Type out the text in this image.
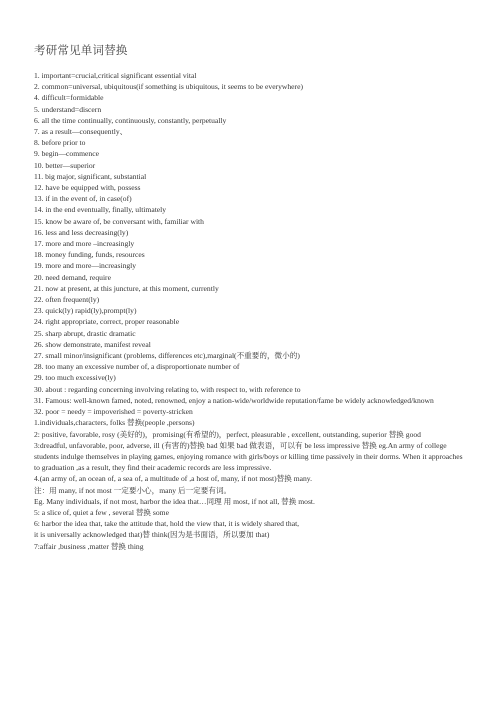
考研常见单词替换
1. important=crucial,critical significant essential vital
2. common=universal, ubiquitous(if something is ubiquitous, it seems to be everywhere)
4. difficult=formidable
5. understand=discern
6. all the time continually, continuously, constantly, perpetually
7. as a result—consequently、
8. before prior to
9. begin—commence
10. better—superior
11. big major, significant, substantial
12. have be equipped with, possess
13. if in the event of, in case(of)
14. in the end eventually, finally, ultimately
15. know be aware of, be conversant with, familiar with
16. less and less decreasing(ly)
17. more and more –increasingly
18. money funding, funds, resources
19. more and more—increasingly
20. need demand, require
21. now at present, at this juncture, at this moment, currently
22. often frequent(ly)
23. quick(ly) rapid(ly),prompt(ly)
24. right appropriate, correct, proper reasonable
25. sharp abrupt, drastic dramatic
26. show demonstrate, manifest reveal
27. small minor/insignificant (problems, differences etc),marginal(不重要的，微小的)
28. too many an excessive number of, a disproportionate number of
29. too much excessive(ly)
30. about : regarding concerning involving relating to, with respect to, with reference to
31. Famous: well-known famed, noted, renowned, enjoy a nation-wide/worldwide reputation/fame be widely acknowledged/known
32. poor = needy = impoverished = poverty-stricken
1.individuals,characters, folks 替换(people ,persons)
2: positive, favorable, rosy (美好的)，promising(有希望的)，perfect, pleasurable , excellent, outstanding, superior 替换 good
3:dreadful, unfavorable, poor, adverse, ill (有害的)替换 bad 如果 bad 做表语，可以有 be less impressive 替换 eg.An army of college students indulge themselves in playing games, enjoying romance with girls/boys or killing time passively in their dorms. When it approaches to graduation ,as a result, they find their academic records are less impressive.
4.(an army of, an ocean of, a sea of, a multitude of ,a host of, many, if not most)替换 many.
注：用 many, if not most 一定要小心，many 后一定要有词。
Eg. Many individuals, if not most, harbor the idea that…同理 用 most, if not all, 替换 most.
5: a slice of, quiet a few , several 替换 some
6: harbor the idea that, take the attitude that, hold the view that, it is widely shared that,
it is universally acknowledged that)替 think(因为是书面语，所以要加 that)
7:affair ,business ,matter 替换 thing
